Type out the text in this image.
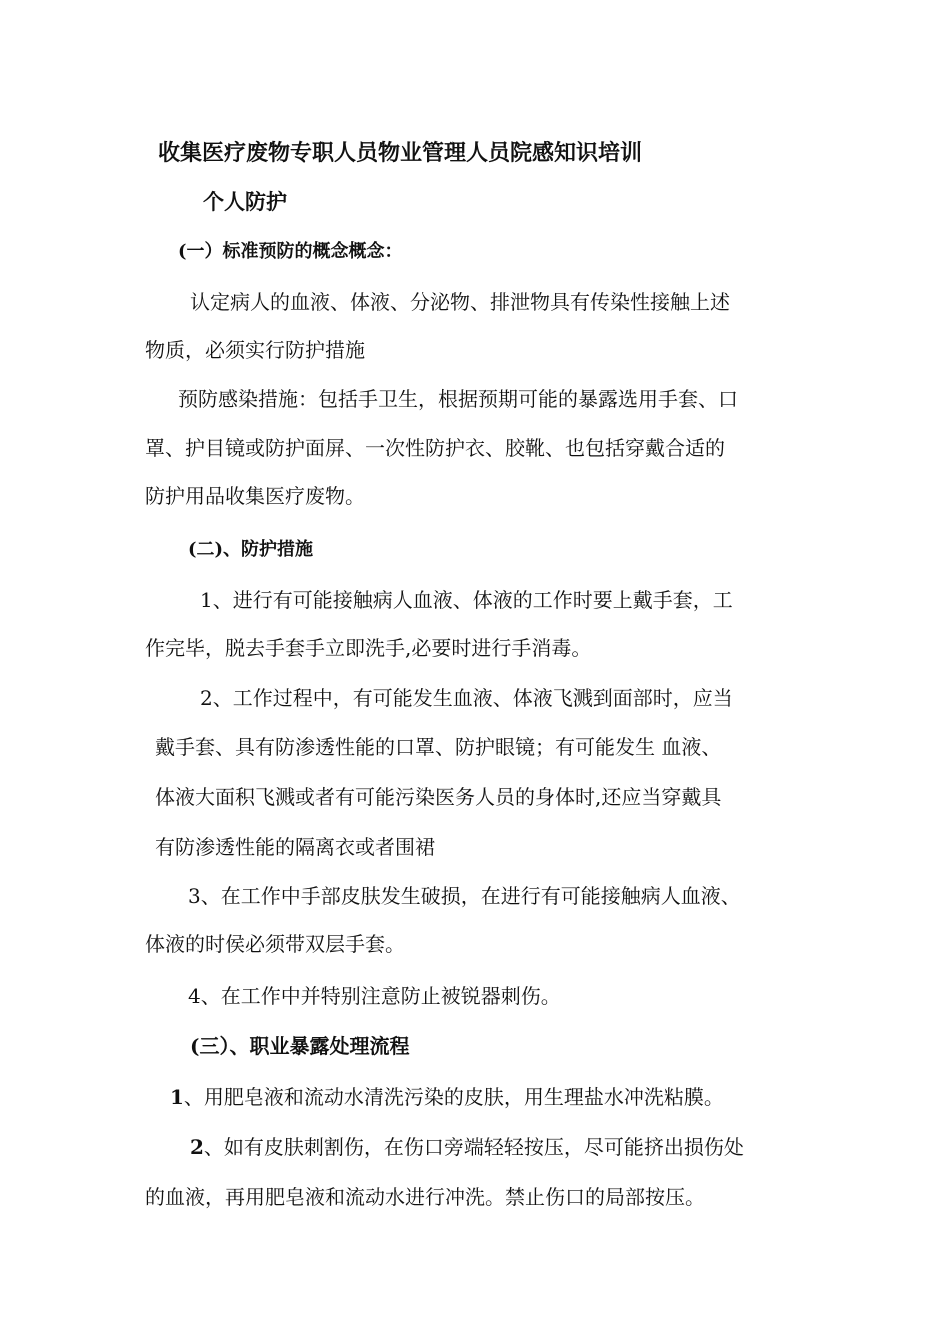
收集医疗废物专职人员物业管理人员院感知识培训
个人防护
(一）标准预防的概念概念：
认定病人的血液、体液、分泌物、排泄物具有传染性接触上述
物质，必须实行防护措施
预防感染措施：包括手卫生，根据预期可能的暴露选用手套、口
罩、护目镜或防护面屏、一次性防护衣、胶靴、也包括穿戴合适的
防护用品收集医疗废物。
(二)、防护措施
1、进行有可能接触病人血液、体液的工作时要上戴手套，工
作完毕，脱去手套手立即洗手,必要时进行手消毒。
2、工作过程中，有可能发生血液、体液飞溅到面部时，应当
戴手套、具有防渗透性能的口罩、防护眼镜；有可能发生 血液、
体液大面积飞溅或者有可能污染医务人员的身体时,还应当穿戴具
有防渗透性能的隔离衣或者围裙
3、在工作中手部皮肤发生破损，在进行有可能接触病人血液、
体液的时侯必须带双层手套。
4、在工作中并特别注意防止被锐器刺伤。
(三）、职业暴露处理流程
1、用肥皂液和流动水清洗污染的皮肤，用生理盐水冲洗粘膜。
2、如有皮肤刺割伤，在伤口旁端轻轻按压，尽可能挤出损伤处
的血液，再用肥皂液和流动水进行冲洗。禁止伤口的局部按压。
